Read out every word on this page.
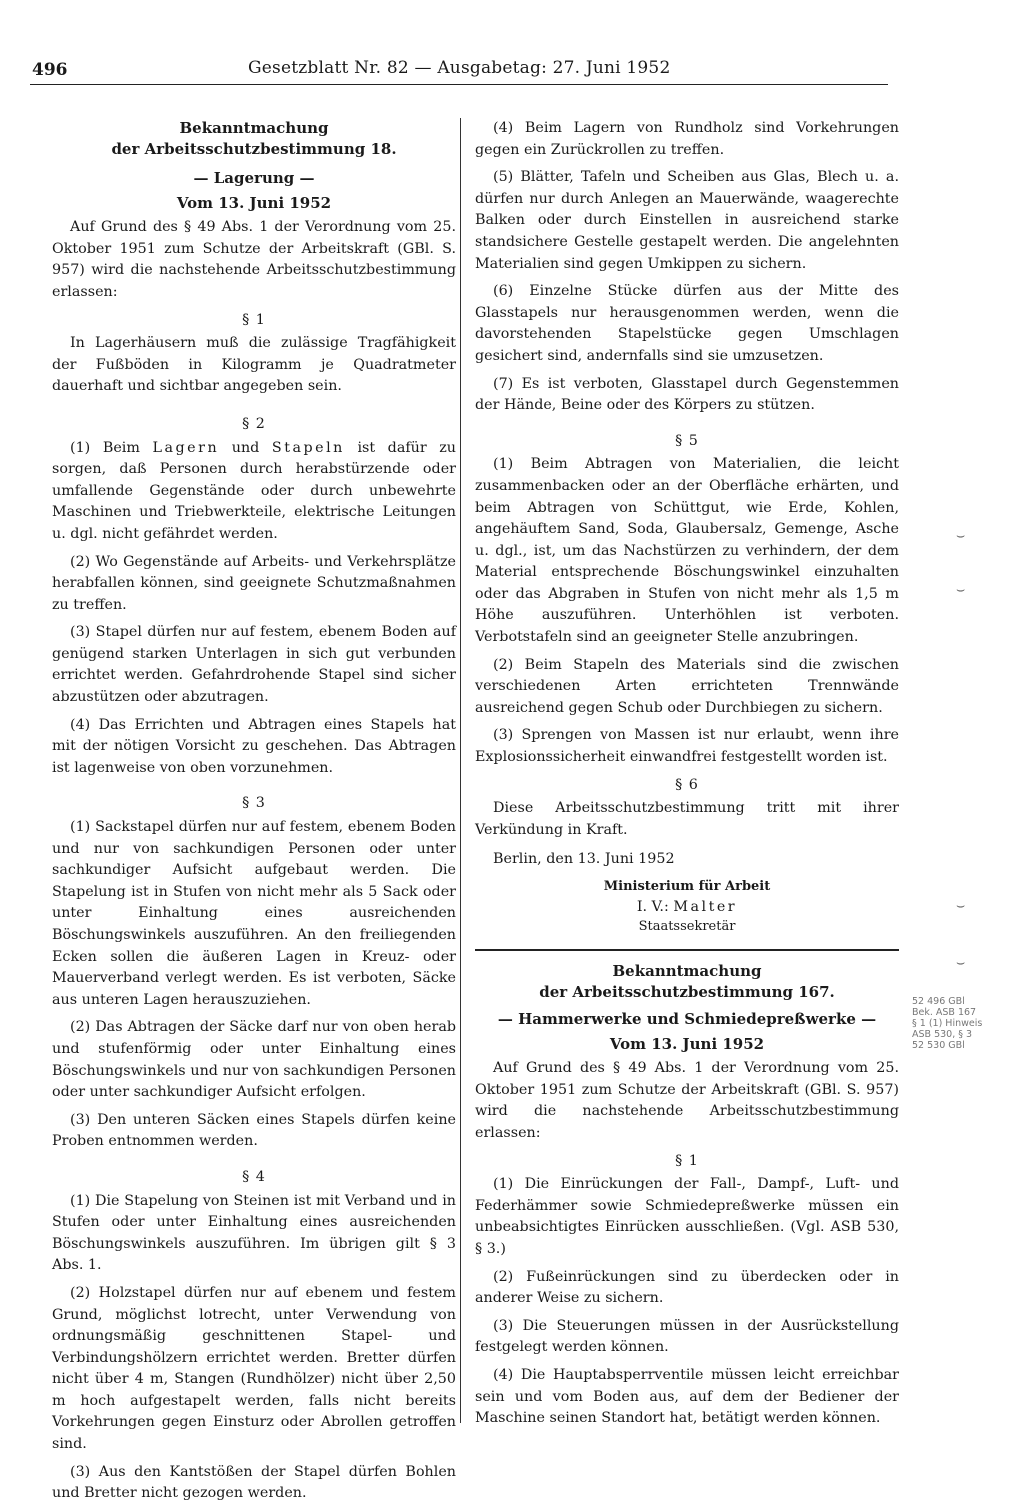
496	Gesetzblatt Nr. 82 — Ausgabetag: 27. Juni 1952
Bekanntmachung
der Arbeitsschutzbestimmung 18.
— Lagerung —
Vom 13. Juni 1952

Auf Grund des § 49 Abs. 1 der Verordnung vom 25. Oktober 1951 zum Schutze der Arbeitskraft (GBl. S. 957) wird die nachstehende Arbeitsschutzbestimmung erlassen:

§ 1

In Lagerhäusern muß die zulässige Tragfähigkeit der Fußböden in Kilogramm je Quadratmeter dauerhaft und sichtbar angegeben sein.

§ 2

(1) Beim Lagern und Stapeln ist dafür zu sorgen, daß Personen durch herabstürzende oder umfallende Gegenstände oder durch unbewehrte Maschinen und Triebwerkteile, elektrische Leitungen u. dgl. nicht gefährdet werden.

(2) Wo Gegenstände auf Arbeits- und Verkehrsplätze herabfallen können, sind geeignete Schutzmaßnahmen zu treffen.

(3) Stapel dürfen nur auf festem, ebenem Boden auf genügend starken Unterlagen in sich gut verbunden errichtet werden. Gefahrdrohende Stapel sind sicher abzustützen oder abzutragen.

(4) Das Errichten und Abtragen eines Stapels hat mit der nötigen Vorsicht zu geschehen. Das Abtragen ist lagenweise von oben vorzunehmen.

§ 3

(1) Sackstapel dürfen nur auf festem, ebenem Boden und nur von sachkundigen Personen oder unter sachkundiger Aufsicht aufgebaut werden. Die Stapelung ist in Stufen von nicht mehr als 5 Sack oder unter Einhaltung eines ausreichenden Böschungswinkels auszuführen. An den freiliegenden Ecken sollen die äußeren Lagen in Kreuz- oder Mauerverband verlegt werden. Es ist verboten, Säcke aus unteren Lagen herauszuziehen.

(2) Das Abtragen der Säcke darf nur von oben herab und stufenförmig oder unter Einhaltung eines Böschungswinkels und nur von sachkundigen Personen oder unter sachkundiger Aufsicht erfolgen.

(3) Den unteren Säcken eines Stapels dürfen keine Proben entnommen werden.

§ 4

(1) Die Stapelung von Steinen ist mit Verband und in Stufen oder unter Einhaltung eines ausreichenden Böschungswinkels auszuführen. Im übrigen gilt § 3 Abs. 1.

(2) Holzstapel dürfen nur auf ebenem und festem Grund, möglichst lotrecht, unter Verwendung von ordnungsmäßig geschnittenen Stapel- und Verbindungshölzern errichtet werden. Bretter dürfen nicht über 4 m, Stangen (Rundhölzer) nicht über 2,50 m hoch aufgestapelt werden, falls nicht bereits Vorkehrungen gegen Einsturz oder Abrollen getroffen sind.

(3) Aus den Kantstößen der Stapel dürfen Bohlen und Bretter nicht gezogen werden.

(4) Beim Lagern von Rundholz sind Vorkehrungen gegen ein Zurückrollen zu treffen.

(5) Blätter, Tafeln und Scheiben aus Glas, Blech u. a. dürfen nur durch Anlegen an Mauerwände, waagerechte Balken oder durch Einstellen in ausreichend starke standsichere Gestelle gestapelt werden. Die angelehnten Materialien sind gegen Umkippen zu sichern.

(6) Einzelne Stücke dürfen aus der Mitte des Glasstapels nur herausgenommen werden, wenn die davorstehenden Stapelstücke gegen Umschlagen gesichert sind, andernfalls sind sie umzusetzen.

(7) Es ist verboten, Glasstapel durch Gegenstemmen der Hände, Beine oder des Körpers zu stützen.

§ 5

(1) Beim Abtragen von Materialien, die leicht zusammenbacken oder an der Oberfläche erhärten, und beim Abtragen von Schüttgut, wie Erde, Kohlen, angehäuftem Sand, Soda, Glaubersalz, Gemenge, Asche u. dgl., ist, um das Nachstürzen zu verhindern, der dem Material entsprechende Böschungswinkel einzuhalten oder das Abgraben in Stufen von nicht mehr als 1,5 m Höhe auszuführen. Unterhöhlen ist verboten. Verbotstafeln sind an geeigneter Stelle anzubringen.

(2) Beim Stapeln des Materials sind die zwischen verschiedenen Arten errichteten Trennwände ausreichend gegen Schub oder Durchbiegen zu sichern.

(3) Sprengen von Massen ist nur erlaubt, wenn ihre Explosionssicherheit einwandfrei festgestellt worden ist.

§ 6

Diese Arbeitsschutzbestimmung tritt mit ihrer Verkündung in Kraft.

Berlin, den 13. Juni 1952

Ministerium für Arbeit
I. V.: Malter
Staatssekretär
Bekanntmachung
der Arbeitsschutzbestimmung 167.
— Hammerwerke und Schmiedepreßwerke —
Vom 13. Juni 1952

Auf Grund des § 49 Abs. 1 der Verordnung vom 25. Oktober 1951 zum Schutze der Arbeitskraft (GBl. S. 957) wird die nachstehende Arbeitsschutzbestimmung erlassen:

§ 1

(1) Die Einrückungen der Fall-, Dampf-, Luft- und Federhämmer sowie Schmiedepreßwerke müssen ein unbeabsichtigtes Einrücken ausschließen. (Vgl. ASB 530, § 3.)

(2) Fußeinrückungen sind zu überdecken oder in anderer Weise zu sichern.

(3) Die Steuerungen müssen in der Ausrückstellung festgelegt werden können.

(4) Die Hauptabsperrventile müssen leicht erreichbar sein und vom Boden aus, auf dem der Bediener der Maschine seinen Standort hat, betätigt werden können.

52 496 GBl
Bek. ASB 167
§ 1 (1) Hinweis
ASB 530, § 3
52 530 GBl
⌣
⌣
⌣
⌣
